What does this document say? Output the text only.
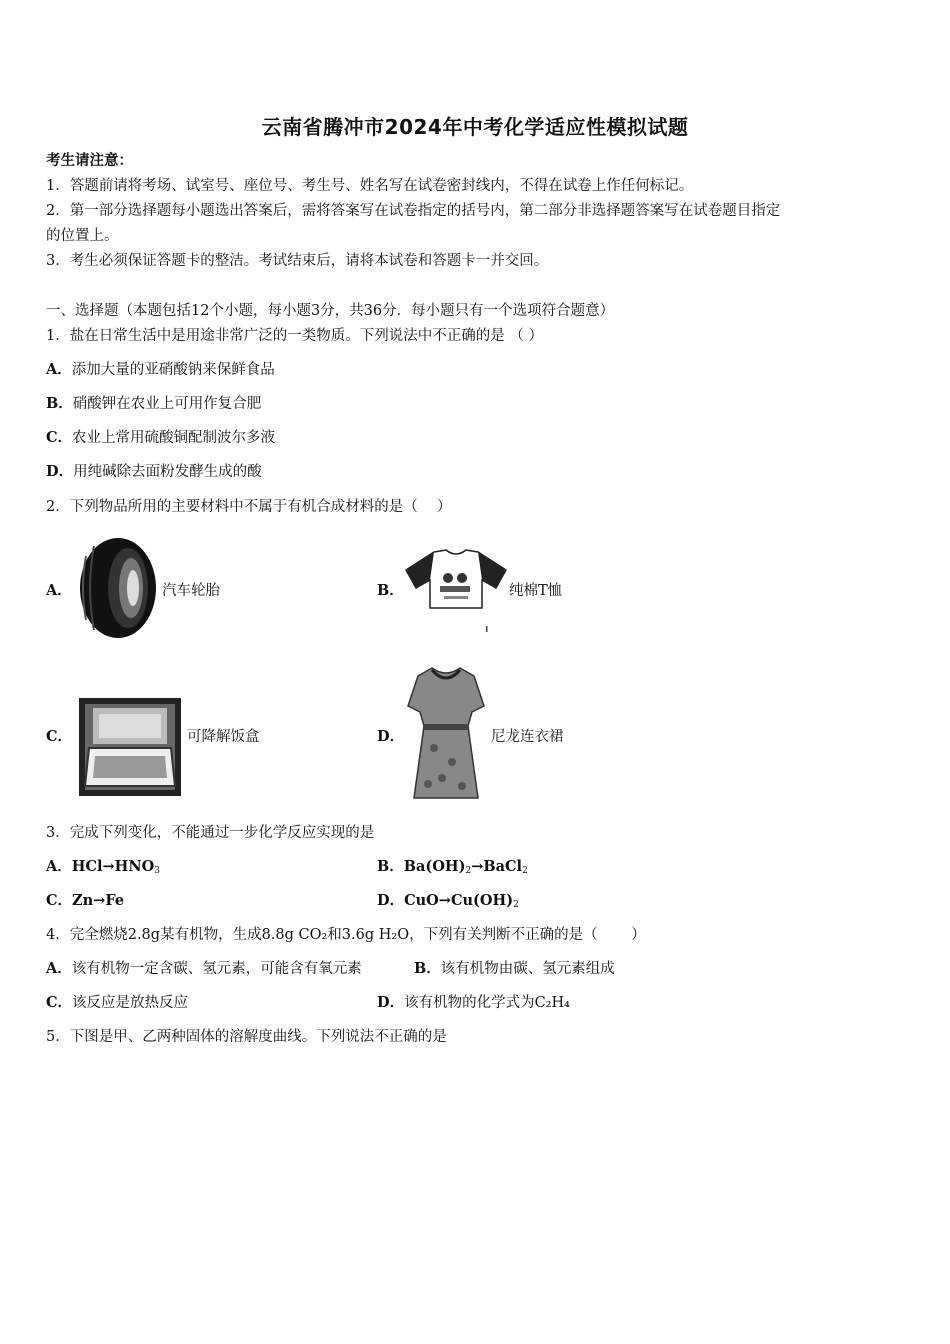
云南省腾冲市2024年中考化学适应性模拟试题
考生请注意：
1．答题前请将考场、试室号、座位号、考生号、姓名写在试卷密封线内，不得在试卷上作任何标记。
2．第一部分选择题每小题选出答案后，需将答案写在试卷指定的括号内，第二部分非选择题答案写在试卷题目指定
的位置上。
3．考生必须保证答题卡的整洁。考试结束后，请将本试卷和答题卡一并交回。
一、选择题（本题包括12个小题，每小题3分，共36分．每小题只有一个选项符合题意）
1．盐在日常生活中是用途非常广泛的一类物质。下列说法中不正确的是 （ ）
A．添加大量的亚硝酸钠来保鲜食品
B．硝酸钾在农业上可用作复合肥
C．农业上常用硫酸铜配制波尔多液
D．用纯碱除去面粉发酵生成的酸
2．下列物品所用的主要材料中不属于有机合成材料的是（　 ）
A．	汽车轮胎	B．	纯棉T恤
C．	可降解饭盒	D．	尼龙连衣裙
3．完成下列变化，不能通过一步化学反应实现的是
A．$HCl\to HNO_3$	B．$Ba(OH)_2\to BaCl_2$
C．Zn→Fe	D．$CuO\to Cu(OH)_2$
4．完全燃烧2.8g某有机物，生成8.8g CO₂和3.6g H₂O，下列有关判断不正确的是（　　 ）
A．该有机物一定含碳、氢元素，可能含有氧元素	B．该有机物由碳、氢元素组成
C．该反应是放热反应	D．该有机物的化学式为C₂H₄
5．下图是甲、乙两种固体的溶解度曲线。下列说法不正确的是
